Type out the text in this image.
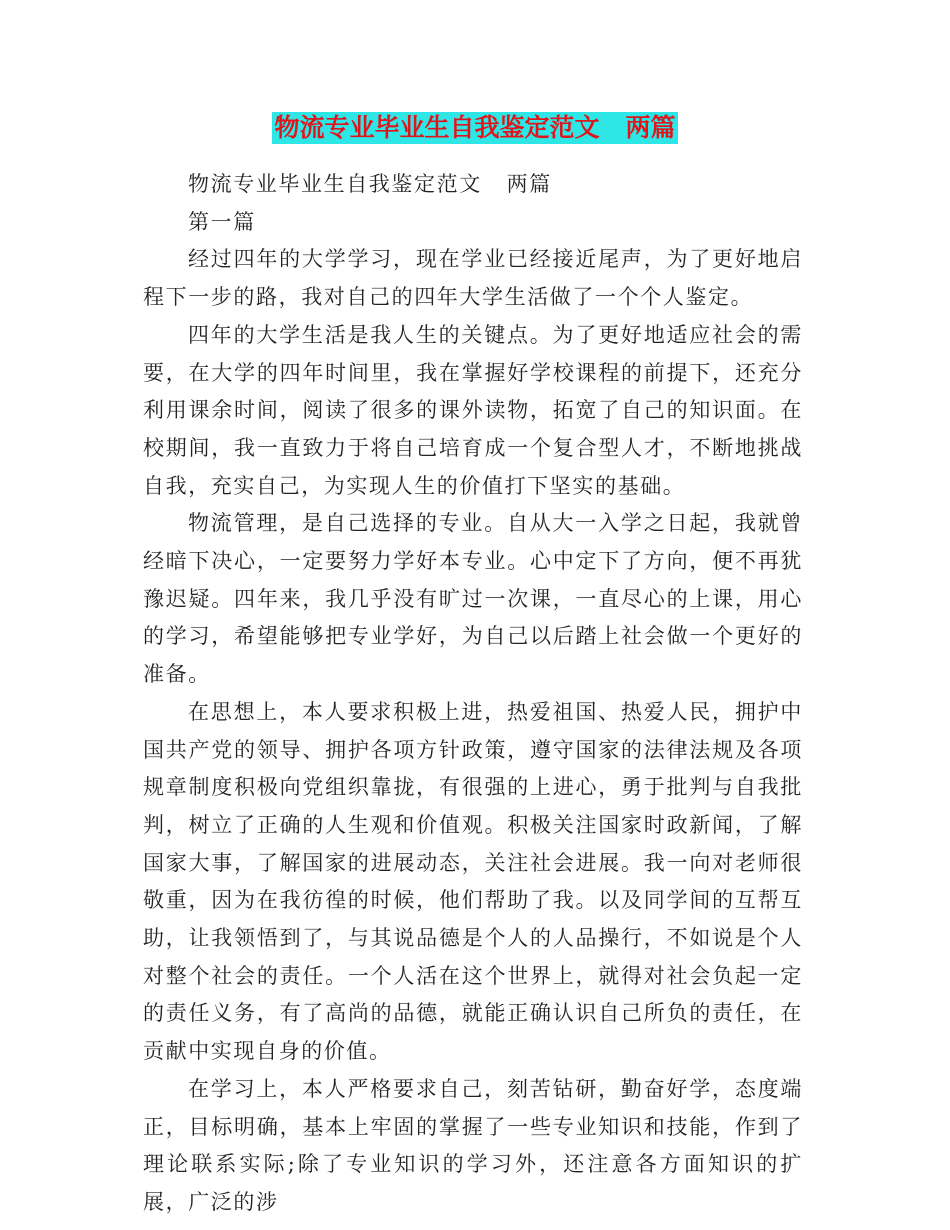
物流专业毕业生自我鉴定范文   两篇

物流专业毕业生自我鉴定范文   两篇

第一篇

经过四年的大学学习，现在学业已经接近尾声，为了更好地启程下一步的路，我对自己的四年大学生活做了一个个人鉴定。

四年的大学生活是我人生的关键点。为了更好地适应社会的需要，在大学的四年时间里，我在掌握好学校课程的前提下，还充分利用课余时间，阅读了很多的课外读物，拓宽了自己的知识面。在校期间，我一直致力于将自己培育成一个复合型人才，不断地挑战自我，充实自己，为实现人生的价值打下坚实的基础。

物流管理，是自己选择的专业。自从大一入学之日起，我就曾经暗下决心，一定要努力学好本专业。心中定下了方向，便不再犹豫迟疑。四年来，我几乎没有旷过一次课，一直尽心的上课，用心的学习，希望能够把专业学好，为自己以后踏上社会做一个更好的准备。

在思想上，本人要求积极上进，热爱祖国、热爱人民，拥护中国共产党的领导、拥护各项方针政策，遵守国家的法律法规及各项规章制度积极向党组织靠拢，有很强的上进心，勇于批判与自我批判，树立了正确的人生观和价值观。积极关注国家时政新闻，了解国家大事，了解国家的进展动态，关注社会进展。我一向对老师很敬重，因为在我彷徨的时候，他们帮助了我。以及同学间的互帮互助，让我领悟到了，与其说品德是个人的人品操行，不如说是个人对整个社会的责任。一个人活在这个世界上，就得对社会负起一定的责任义务，有了高尚的品德，就能正确认识自己所负的责任，在贡献中实现自身的价值。

在学习上，本人严格要求自己，刻苦钻研，勤奋好学，态度端正，目标明确，基本上牢固的掌握了一些专业知识和技能，作到了理论联系实际;除了专业知识的学习外，还注意各方面知识的扩展，广泛的涉
